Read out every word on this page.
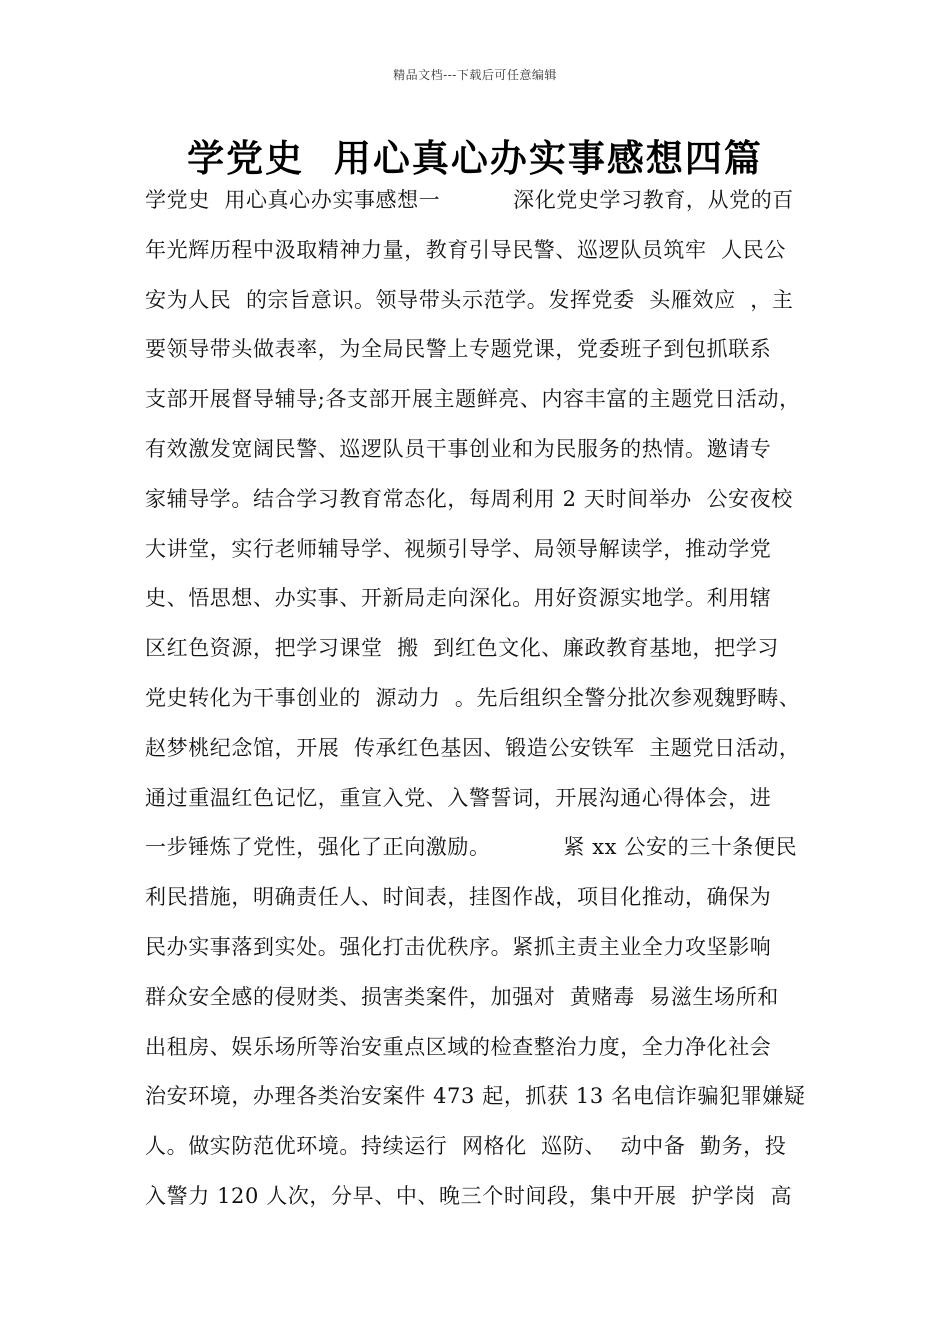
精品文档---下载后可任意编辑
学党史  用心真心办实事感想四篇
学党史  用心真心办实事感想一          深化党史学习教育，从党的百
年光辉历程中汲取精神力量，教育引导民警、巡逻队员筑牢  人民公
安为人民  的宗旨意识。领导带头示范学。发挥党委  头雁效应  ，主
要领导带头做表率，为全局民警上专题党课，党委班子到包抓联系
支部开展督导辅导;各支部开展主题鲜亮、内容丰富的主题党日活动，
有效激发宽阔民警、巡逻队员干事创业和为民服务的热情。邀请专
家辅导学。结合学习教育常态化，每周利用 2 天时间举办  公安夜校
大讲堂，实行老师辅导学、视频引导学、局领导解读学，推动学党
史、悟思想、办实事、开新局走向深化。用好资源实地学。利用辖
区红色资源，把学习课堂  搬  到红色文化、廉政教育基地，把学习
党史转化为干事创业的  源动力  。先后组织全警分批次参观魏野畴、
赵梦桃纪念馆，开展  传承红色基因、锻造公安铁军  主题党日活动，
通过重温红色记忆，重宣入党、入警誓词，开展沟通心得体会，进
一步锤炼了党性，强化了正向激励。          紧 xx 公安的三十条便民
利民措施，明确责任人、时间表，挂图作战，项目化推动，确保为
民办实事落到实处。强化打击优秩序。紧抓主责主业全力攻坚影响
群众安全感的侵财类、损害类案件，加强对  黄赌毒  易滋生场所和
出租房、娱乐场所等治安重点区域的检查整治力度，全力净化社会
治安环境，办理各类治安案件 473 起，抓获 13 名电信诈骗犯罪嫌疑
人。做实防范优环境。持续运行  网格化  巡防、  动中备  勤务，投
入警力 120 人次，分早、中、晚三个时间段，集中开展  护学岗  高
